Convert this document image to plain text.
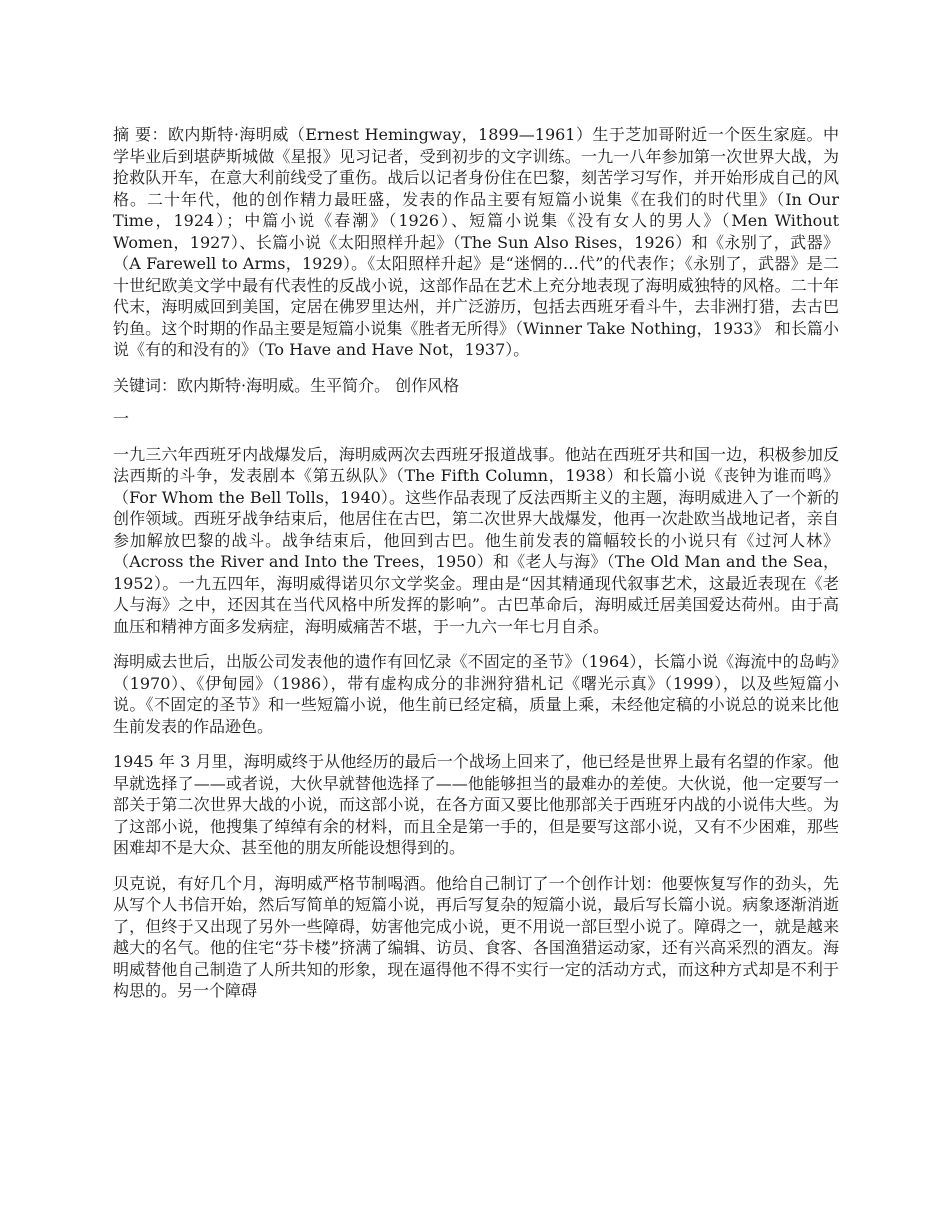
摘 要：欧内斯特·海明威（Ernest Hemingway，1899—1961）生于芝加哥附近一个医生家庭。中学毕业后到堪萨斯城做《星报》见习记者，受到初步的文字训练。一九一八年参加第一次世界大战，为抢救队开车，在意大利前线受了重伤。战后以记者身份住在巴黎，刻苦学习写作，并开始形成自己的风格。二十年代，他的创作精力最旺盛，发表的作品主要有短篇小说集《在我们的时代里》（In Our Time，1924）；中篇小说《春潮》（1926）、短篇小说集《没有女人的男人》（Men Without Women，1927）、长篇小说《太阳照样升起》（The Sun Also Rises，1926）和《永别了，武器》（A Farewell to Arms，1929）。《太阳照样升起》是“迷惘的…代”的代表作；《永别了，武器》是二十世纪欧美文学中最有代表性的反战小说，这部作品在艺术上充分地表现了海明威独特的风格。二十年代末，海明威回到美国，定居在佛罗里达州，并广泛游历，包括去西班牙看斗牛，去非洲打猎，去古巴钓鱼。这个时期的作品主要是短篇小说集《胜者无所得》（Winner Take Nothing，1933》 和长篇小说《有的和没有的》（To Have and Have Not，1937）。

关键词：欧内斯特·海明威。生平简介。 创作风格

一

一九三六年西班牙内战爆发后，海明威两次去西班牙报道战事。他站在西班牙共和国一边，积极参加反法西斯的斗争，发表剧本《第五纵队》（The Fifth Column，1938）和长篇小说《丧钟为谁而鸣》（For Whom the Bell Tolls，1940）。这些作品表现了反法西斯主义的主题，海明威进入了一个新的创作领域。西班牙战争结束后，他居住在古巴，第二次世界大战爆发，他再一次赴欧当战地记者，亲自参加解放巴黎的战斗。战争结束后，他回到古巴。他生前发表的篇幅较长的小说只有《过河人林》（Across the River and Into the Trees，1950）和《老人与海》（The Old Man and the Sea，1952）。一九五四年，海明威得诺贝尔文学奖金。理由是“因其精通现代叙事艺术，这最近表现在《老人与海》之中，还因其在当代风格中所发挥的影响”。古巴革命后，海明威迁居美国爱达荷州。由于高血压和精神方面多发病症，海明威痛苦不堪，于一九六一年七月自杀。

海明威去世后，出版公司发表他的遗作有回忆录《不固定的圣节》（1964），长篇小说《海流中的岛屿》（1970）、《伊甸园》（1986），带有虚构成分的非洲狩猎札记《曙光示真》（1999），以及些短篇小说。《不固定的圣节》和一些短篇小说，他生前已经定稿，质量上乘，未经他定稿的小说总的说来比他生前发表的作品逊色。

1945 年 3 月里，海明威终于从他经历的最后一个战场上回来了，他已经是世界上最有名望的作家。他早就选择了——或者说，大伙早就替他选择了——他能够担当的最难办的差使。大伙说，他一定要写一部关于第二次世界大战的小说，而这部小说，在各方面又要比他那部关于西班牙内战的小说伟大些。为了这部小说，他搜集了绰绰有余的材料，而且全是第一手的，但是要写这部小说，又有不少困难，那些困难却不是大众、甚至他的朋友所能设想得到的。

贝克说，有好几个月，海明威严格节制喝酒。他给自己制订了一个创作计划：他要恢复写作的劲头，先从写个人书信开始，然后写简单的短篇小说，再后写复杂的短篇小说，最后写长篇小说。病象逐渐消逝了，但终于又出现了另外一些障碍，妨害他完成小说，更不用说一部巨型小说了。障碍之一，就是越来越大的名气。他的住宅“芬卡楼”挤满了编辑、访员、食客、各国渔猎运动家，还有兴高采烈的酒友。海明威替他自己制造了人所共知的形象，现在逼得他不得不实行一定的活动方式，而这种方式却是不利于构思的。另一个障碍
